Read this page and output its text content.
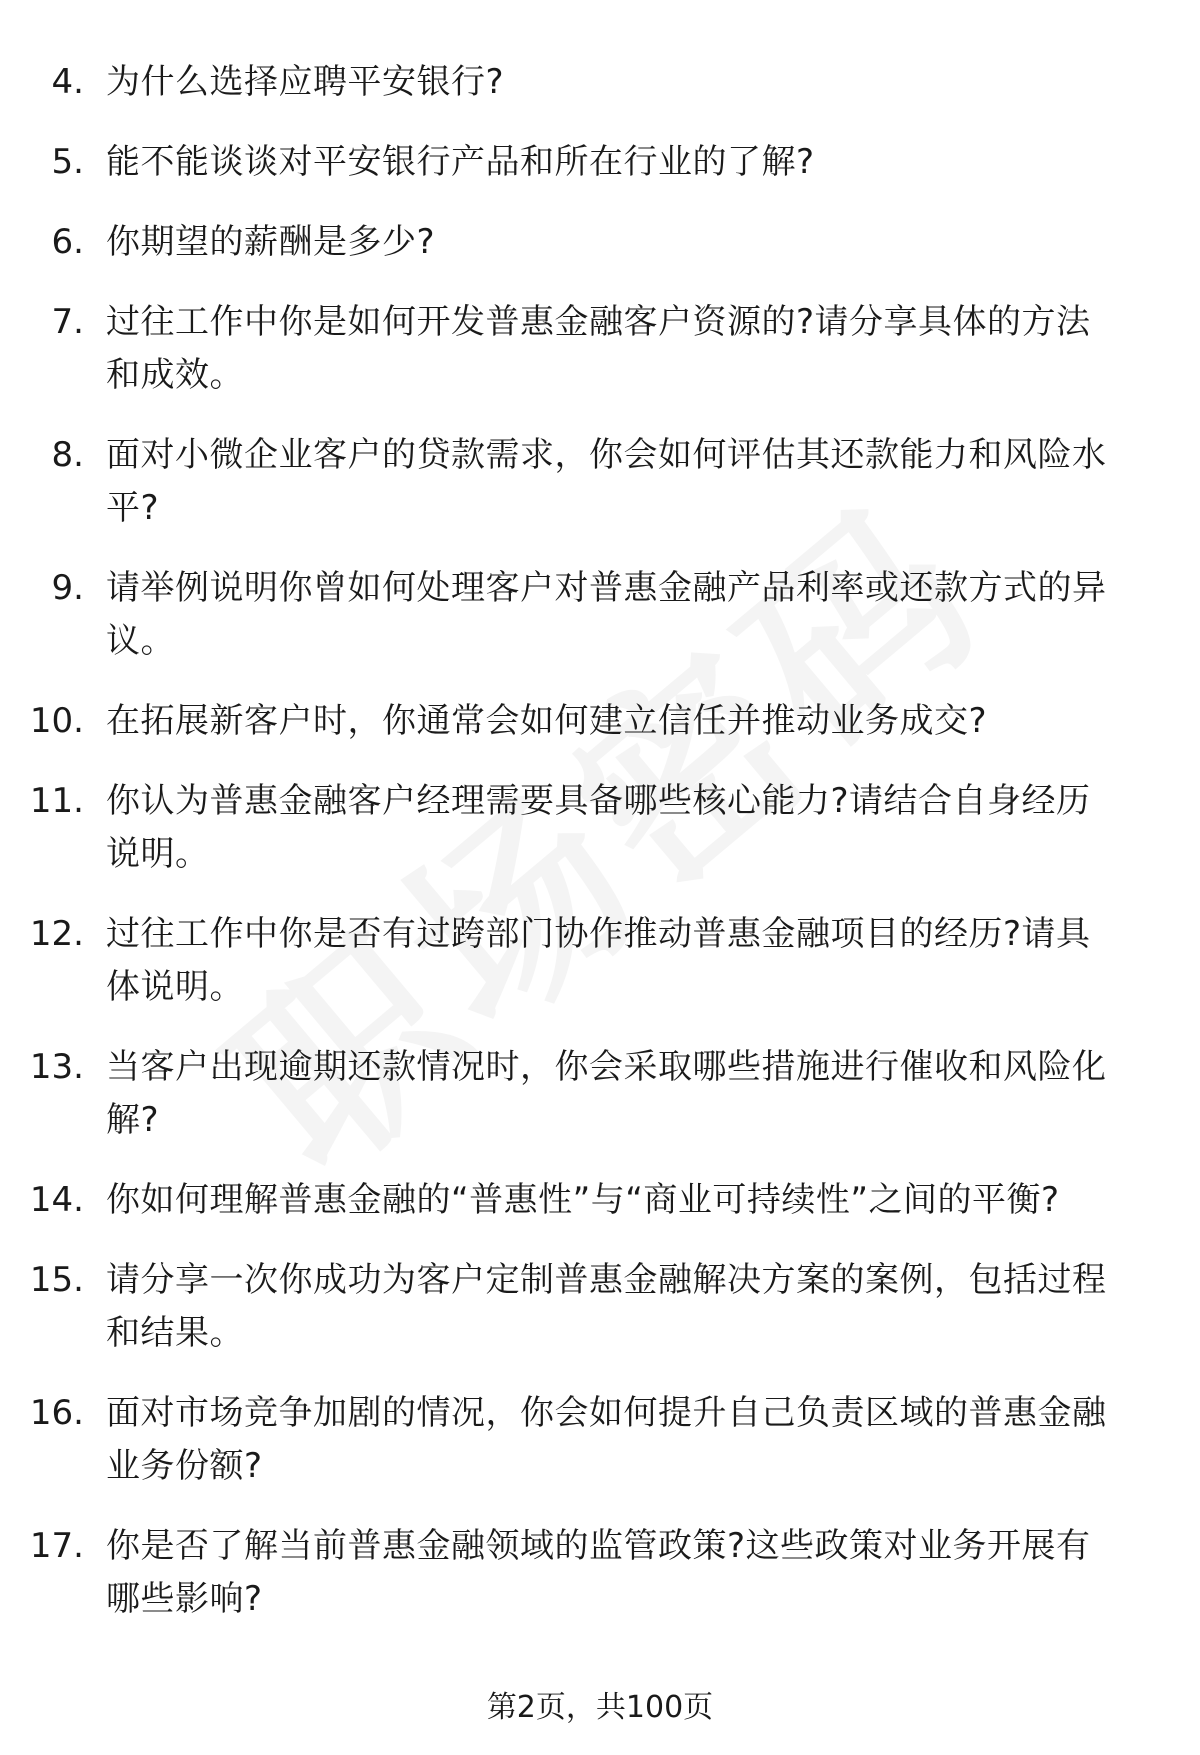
4. 为什么选择应聘平安银行?
5. 能不能谈谈对平安银行产品和所在行业的了解?
6. 你期望的薪酬是多少?
7. 过往工作中你是如何开发普惠金融客户资源的?请分享具体的方法和成效。
8. 面对小微企业客户的贷款需求，你会如何评估其还款能力和风险水平?
9. 请举例说明你曾如何处理客户对普惠金融产品利率或还款方式的异议。
10. 在拓展新客户时，你通常会如何建立信任并推动业务成交?
11. 你认为普惠金融客户经理需要具备哪些核心能力?请结合自身经历说明。
12. 过往工作中你是否有过跨部门协作推动普惠金融项目的经历?请具体说明。
13. 当客户出现逾期还款情况时，你会采取哪些措施进行催收和风险化解?
14. 你如何理解普惠金融的“普惠性”与“商业可持续性”之间的平衡?
15. 请分享一次你成功为客户定制普惠金融解决方案的案例，包括过程和结果。
16. 面对市场竞争加剧的情况，你会如何提升自己负责区域的普惠金融业务份额?
17. 你是否了解当前普惠金融领域的监管政策?这些政策对业务开展有哪些影响?
第2页，共100页
